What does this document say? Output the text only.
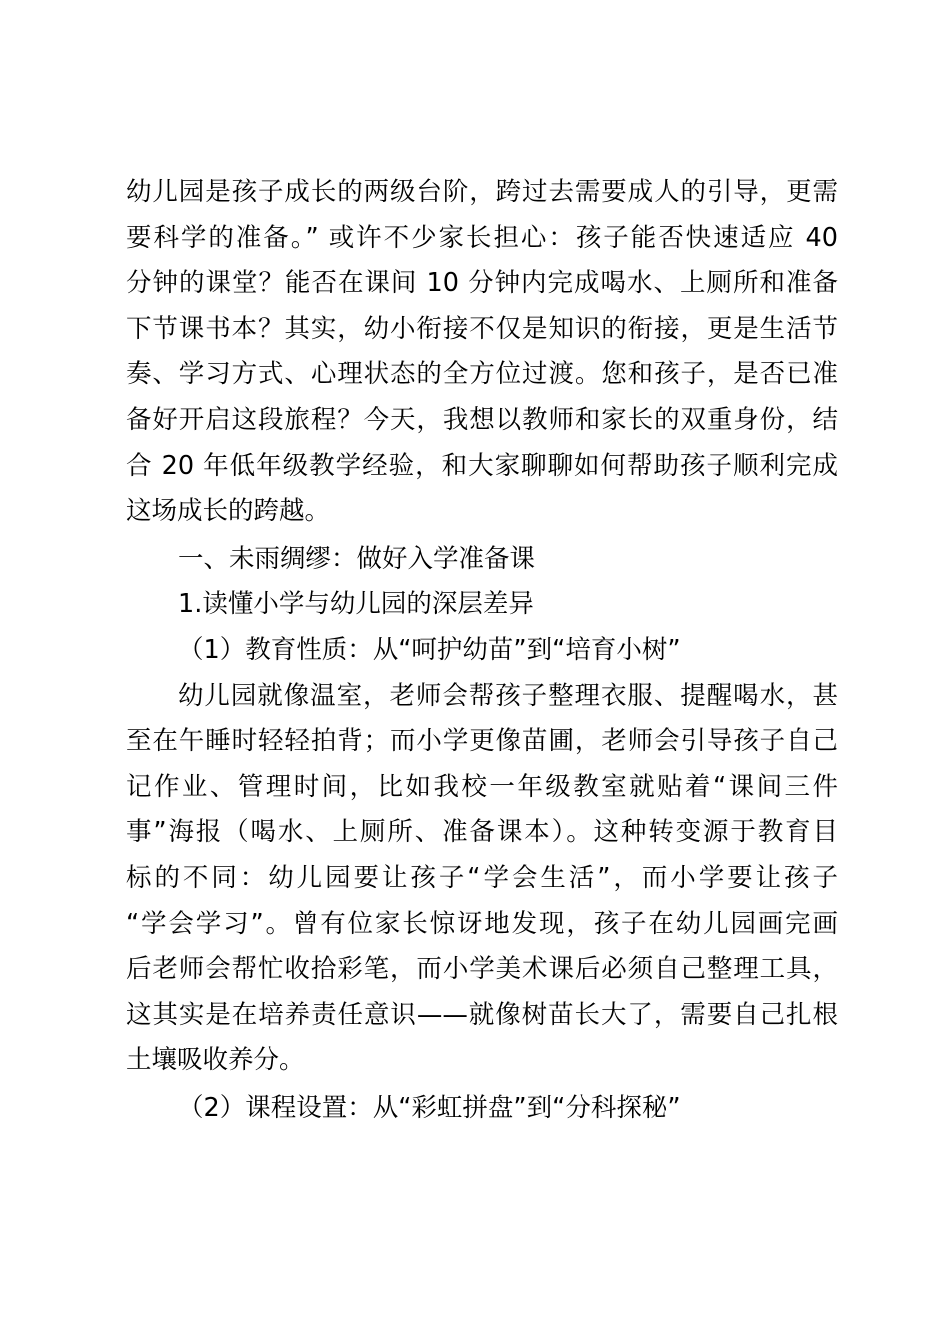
幼儿园是孩子成长的两级台阶，跨过去需要成人的引导，更需
要科学的准备。” 或许不少家长担心：孩子能否快速适应 40
分钟的课堂？能否在课间 10 分钟内完成喝水、上厕所和准备
下节课书本？其实，幼小衔接不仅是知识的衔接，更是生活节
奏、学习方式、心理状态的全方位过渡。您和孩子，是否已准
备好开启这段旅程？今天，我想以教师和家长的双重身份，结
合 20 年低年级教学经验，和大家聊聊如何帮助孩子顺利完成
这场成长的跨越。
一、未雨绸缪：做好入学准备课
1.读懂小学与幼儿园的深层差异
（1）教育性质：从“呵护幼苗”到“培育小树”
幼儿园就像温室，老师会帮孩子整理衣服、提醒喝水，甚
至在午睡时轻轻拍背；而小学更像苗圃，老师会引导孩子自己
记作业、管理时间，比如我校一年级教室就贴着“课间三件
事”海报（喝水、上厕所、准备课本）。这种转变源于教育目
标的不同：幼儿园要让孩子“学会生活”，而小学要让孩子
“学会学习”。曾有位家长惊讶地发现，孩子在幼儿园画完画
后老师会帮忙收拾彩笔，而小学美术课后必须自己整理工具，
这其实是在培养责任意识——就像树苗长大了，需要自己扎根
土壤吸收养分。
（2）课程设置：从“彩虹拼盘”到“分科探秘”
